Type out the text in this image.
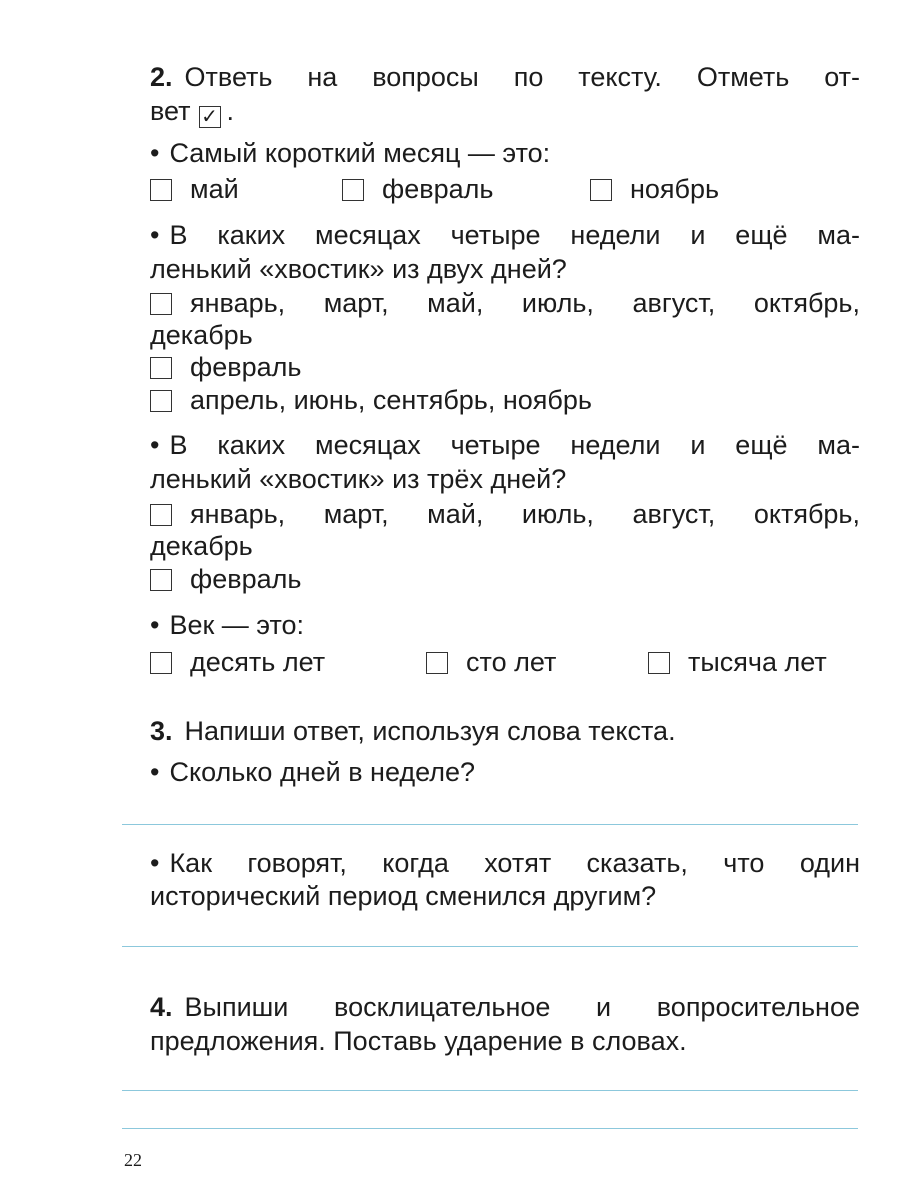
2. Ответь на вопросы по тексту. Отметь от-
вет ✓ .
• Самый короткий месяц — это:
май	февраль	ноябрь
• В каких месяцах четыре недели и ещё ма-
ленький «хвостик» из двух дней?
январь, март, май, июль, август, октябрь,
декабрь
февраль
апрель, июнь, сентябрь, ноябрь
• В каких месяцах четыре недели и ещё ма-
ленький «хвостик» из трёх дней?
январь, март, май, июль, август, октябрь,
декабрь
февраль
• Век — это:
десять лет	сто лет	тысяча лет
3. Напиши ответ, используя слова текста.
• Сколько дней в неделе?
• Как говорят, когда хотят сказать, что один
исторический период сменился другим?
4. Выпиши восклицательное и вопросительное
предложения. Поставь ударение в словах.
22
